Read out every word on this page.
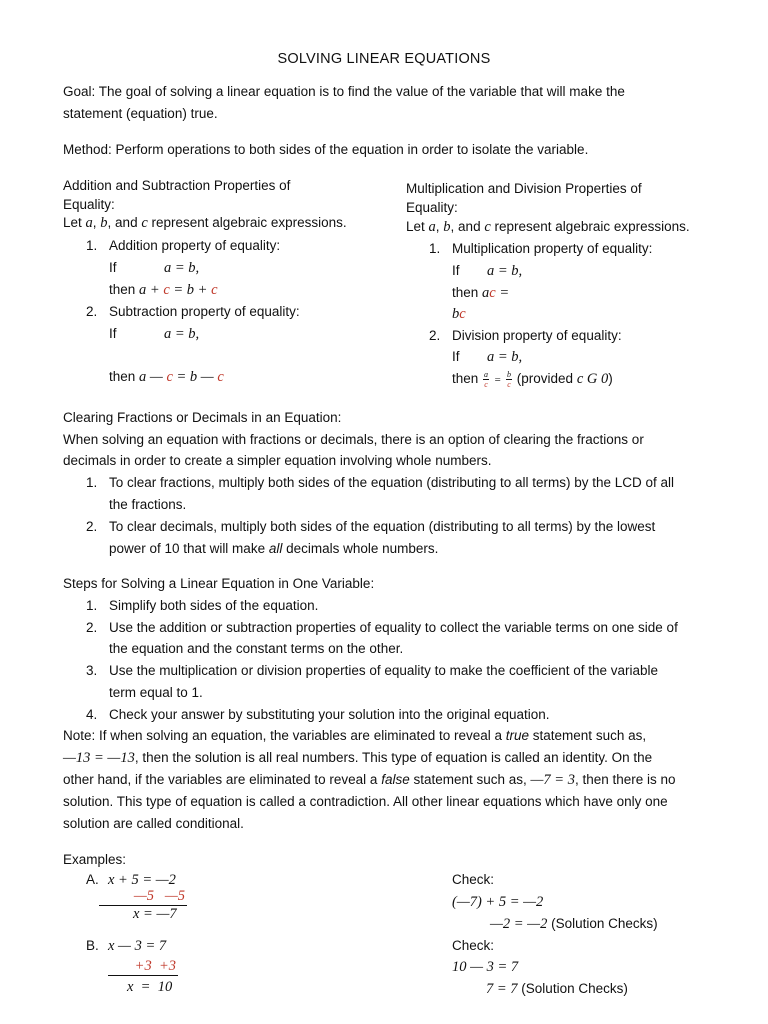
SOLVING LINEAR EQUATIONS
Goal: The goal of solving a linear equation is to find the value of the variable that will make the
statement (equation) true.
Method: Perform operations to both sides of the equation in order to isolate the variable.
Addition and Subtraction Properties of
Equality:
Let a, b, and c represent algebraic expressions.
1. Addition property of equality:
If	a = b,
then a + c = b + c
2. Subtraction property of equality:
If	a = b,
then a — c = b — c
Multiplication and Division Properties of
Equality:
Let a, b, and c represent algebraic expressions.
1. Multiplication property of equality:
If a = b,
then ac =
bc
2. Division property of equality:
If a = b,
then $\frac{a}{c} = \frac{b}{c}$ (provided c G 0)
Clearing Fractions or Decimals in an Equation:
When solving an equation with fractions or decimals, there is an option of clearing the fractions or
decimals in order to create a simpler equation involving whole numbers.
1. To clear fractions, multiply both sides of the equation (distributing to all terms) by the LCD of all
the fractions.
2. To clear decimals, multiply both sides of the equation (distributing to all terms) by the lowest
power of 10 that will make all decimals whole numbers.
Steps for Solving a Linear Equation in One Variable:
1. Simplify both sides of the equation.
2. Use the addition or subtraction properties of equality to collect the variable terms on one side of
the equation and the constant terms on the other.
3. Use the multiplication or division properties of equality to make the coefficient of the variable
term equal to 1.
4. Check your answer by substituting your solution into the original equation.
Note: If when solving an equation, the variables are eliminated to reveal a true statement such as,
—13 = —13, then the solution is all real numbers. This type of equation is called an identity. On the
other hand, if the variables are eliminated to reveal a false statement such as, —7 = 3, then there is no
solution. This type of equation is called a contradiction. All other linear equations which have only one
solution are called conditional.
Examples:
A. x + 5 = —2
—5   —5
x = —7
Check:
(—7) + 5 = —2
—2 = —2 (Solution Checks)
B. x — 3 = 7
+3  +3
x  =  10
Check:
10 — 3 = 7
7 = 7 (Solution Checks)
